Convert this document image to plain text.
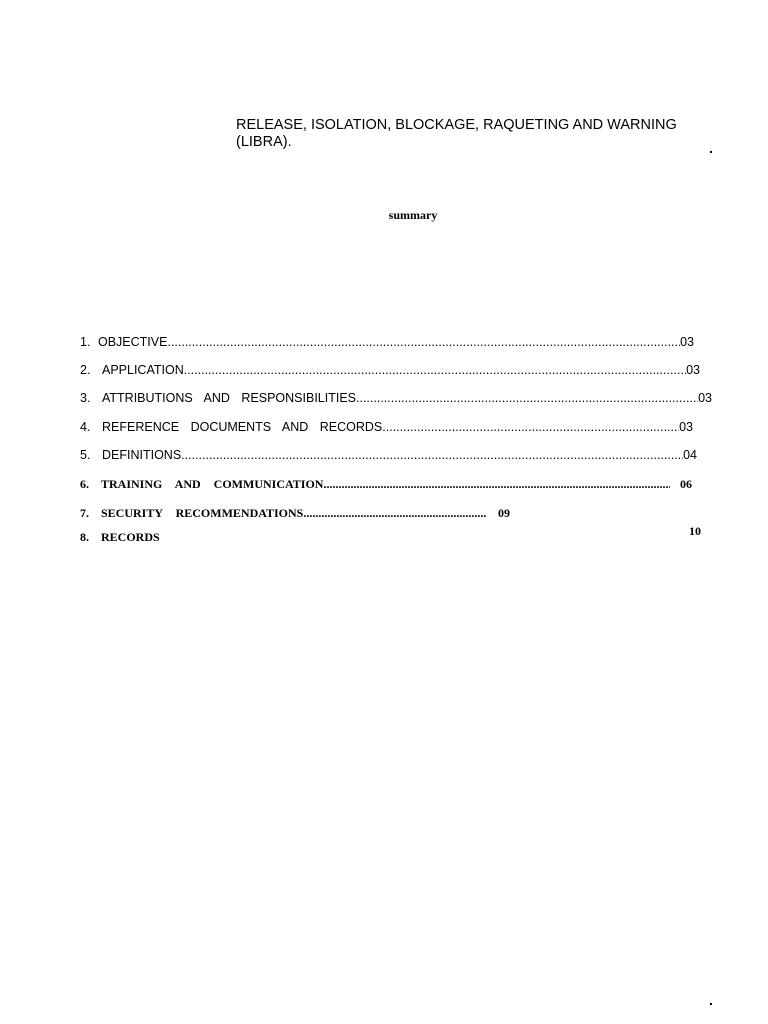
RELEASE, ISOLATION, BLOCKAGE, RAQUETING AND WARNING
(LIBRA).	.
summary
1. OBJECTIVE .....	03
2. APPLICATION .....	03
3. ATTRIBUTIONS AND RESPONSIBILITIES .....	03
4. REFERENCE DOCUMENTS AND RECORDS .....	03
5. DEFINITIONS .....	04
6.	TRAINING AND COMMUNICATION .....	06
7.	SECURITY RECOMMENDATIONS .....	09
8.	RECORDS	10
.
